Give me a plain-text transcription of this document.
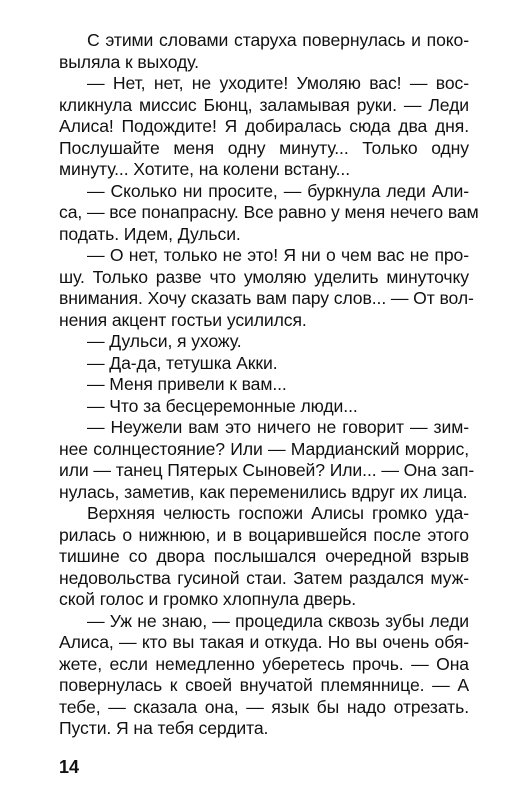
С этими словами старуха повернулась и поко-
выляла к выходу.
— Нет, нет, не уходите! Умоляю вас! — вос-
кликнула миссис Бюнц, заламывая руки. — Леди
Алиса! Подождите! Я добиралась сюда два дня.
Послушайте меня одну минуту... Только одну
минуту... Хотите, на колени встану...
— Сколько ни просите, — буркнула леди Али-
са, — все понапрасну. Все равно у меня нечего вам
подать. Идем, Дульси.
— О нет, только не это! Я ни о чем вас не про-
шу. Только разве что умоляю уделить минуточку
внимания. Хочу сказать вам пару слов... — От вол-
нения акцент гостьи усилился.
— Дульси, я ухожу.
— Да-да, тетушка Акки.
— Меня привели к вам...
— Что за бесцеремонные люди...
— Неужели вам это ничего не говорит — зим-
нее солнцестояние? Или — Мардианский моррис,
или — танец Пятерых Сыновей? Или... — Она зап-
нулась, заметив, как переменились вдруг их лица.
Верхняя челюсть госпожи Алисы громко уда-
рилась о нижнюю, и в воцарившейся после этого
тишине со двора послышался очередной взрыв
недовольства гусиной стаи. Затем раздался муж-
ской голос и громко хлопнула дверь.
— Уж не знаю, — процедила сквозь зубы леди
Алиса, — кто вы такая и откуда. Но вы очень обя-
жете, если немедленно уберетесь прочь. — Она
повернулась к своей внучатой племяннице. — А
тебе, — сказала она, — язык бы надо отрезать.
Пусти. Я на тебя сердита.
14
